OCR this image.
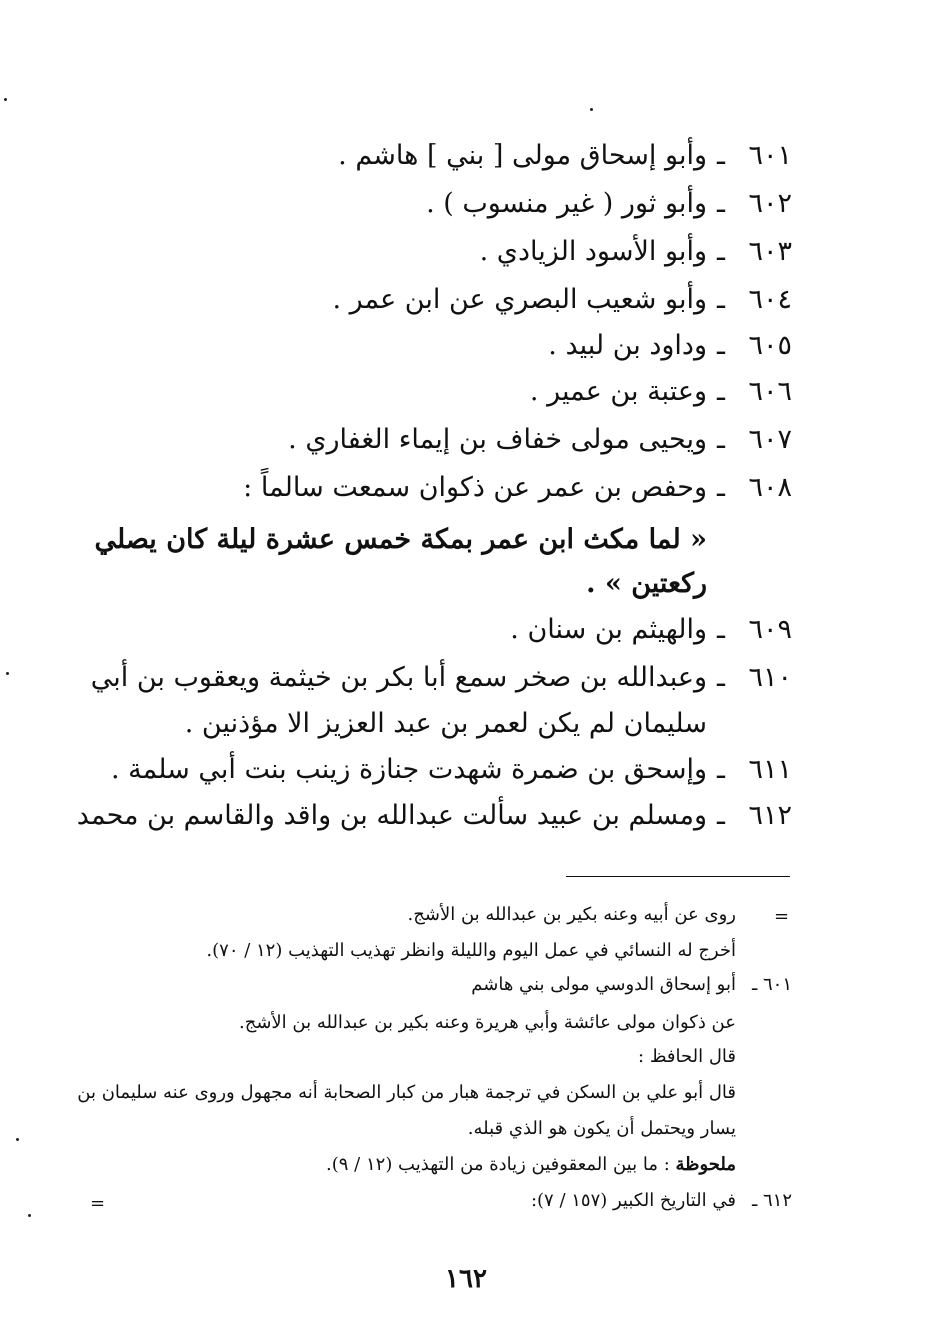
٦٠١
ـ
وأبو إسحاق مولى [ بني ] هاشم .
٦٠٢
ـ
وأبو ثور ( غير منسوب ) .
٦٠٣
ـ
وأبو الأسود الزيادي .
٦٠٤
ـ
وأبو شعيب البصري عن ابن عمر .
٦٠٥
ـ
وداود بن لبيد .
٦٠٦
ـ
وعتبة بن عمير .
٦٠٧
ـ
ويحيى مولى خفاف بن إيماء الغفاري .
٦٠٨
ـ
وحفص بن عمر عن ذكوان سمعت سالماً :
« لما مكث ابن عمر بمكة خمس عشرة ليلة كان يصلي
ركعتين » .
٦٠٩
ـ
والهيثم بن سنان .
٦١٠
ـ
وعبدالله بن صخر سمع أبا بكر بن خيثمة ويعقوب بن أبي
سليمان لم يكن لعمر بن عبد العزيز الا مؤذنين .
٦١١
ـ
وإسحق بن ضمرة شهدت جنازة زينب بنت أبي سلمة .
٦١٢
ـ
ومسلم بن عبيد سألت عبدالله بن واقد والقاسم بن محمد
=
روى عن أبيه وعنه بكير بن عبدالله بن الأشج.
أخرج له النسائي في عمل اليوم والليلة وانظر تهذيب التهذيب (١٢ / ٧٠).
٦٠١ ـ
أبو إسحاق الدوسي مولى بني هاشم
عن ذكوان مولى عائشة وأبي هريرة وعنه بكير بن عبدالله بن الأشج.
قال الحافظ :
قال أبو علي بن السكن في ترجمة هبار من كبار الصحابة أنه مجهول وروى عنه سليمان بن
يسار ويحتمل أن يكون هو الذي قبله.
ملحوظة : ما بين المعقوفين زيادة من التهذيب (١٢ / ٩).
٦١٢ ـ
في التاريخ الكبير (١٥٧ / ٧):
=
١٦٢
